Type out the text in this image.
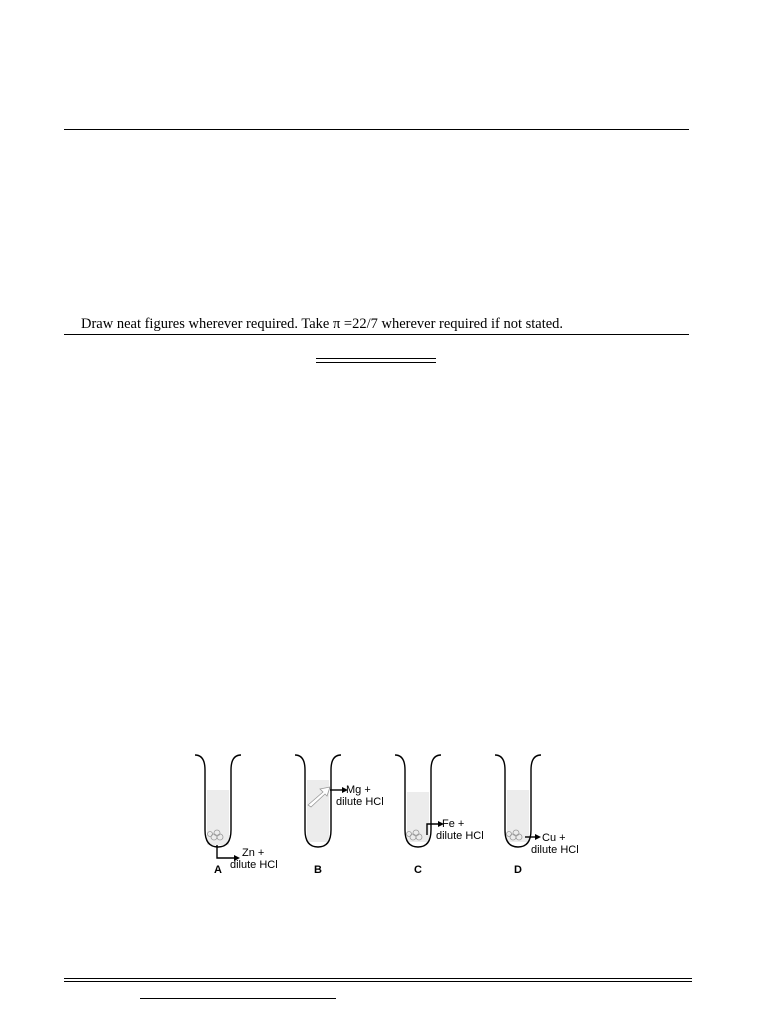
Draw neat figures wherever required. Take π =22/7 wherever required if not stated.
A	B	C	D
Zn +
dilute HCl
Mg +
dilute HCl
Fe +
dilute HCl	Cu +
dilute HCl
